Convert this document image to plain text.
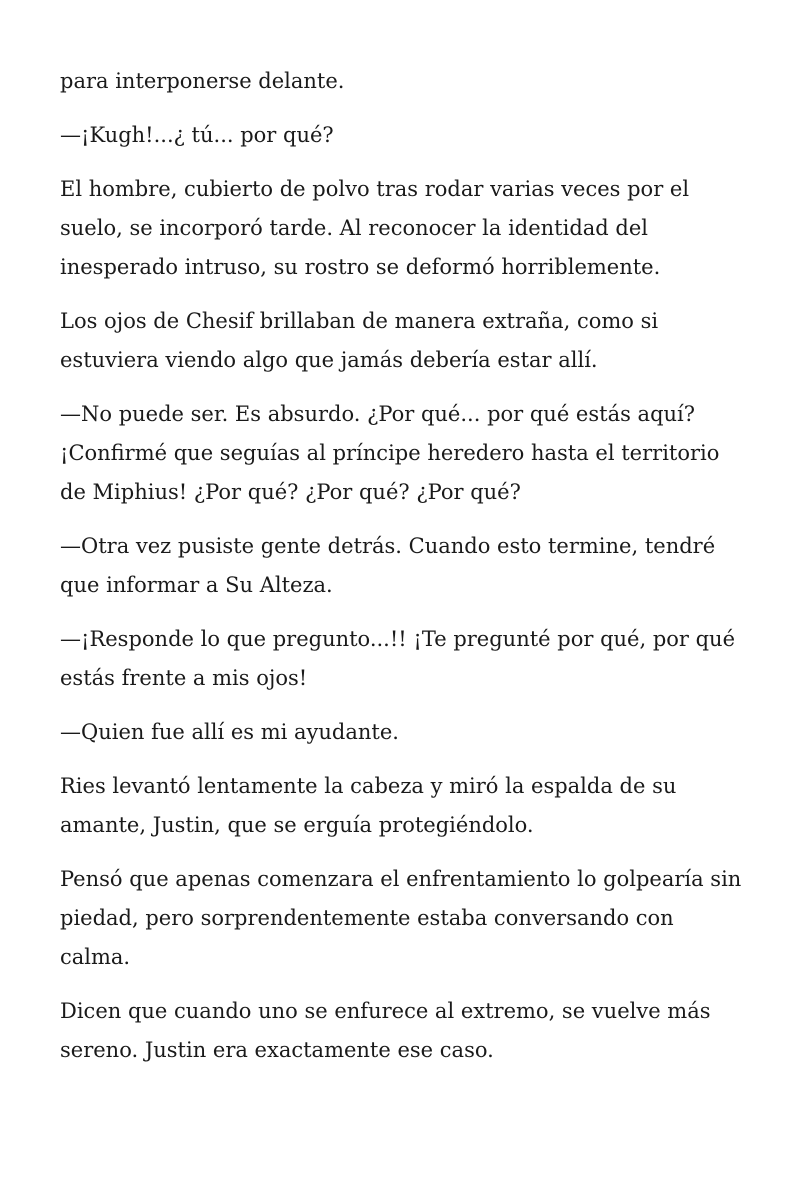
para interponerse delante.

—¡Kugh!...¿ tú... por qué?

El hombre, cubierto de polvo tras rodar varias veces por el suelo, se incorporó tarde. Al reconocer la identidad del inesperado intruso, su rostro se deformó horriblemente.

Los ojos de Chesif brillaban de manera extraña, como si estuviera viendo algo que jamás debería estar allí.

—No puede ser. Es absurdo. ¿Por qué... por qué estás aquí? ¡Confirmé que seguías al príncipe heredero hasta el territorio de Miphius! ¿Por qué? ¿Por qué? ¿Por qué?

—Otra vez pusiste gente detrás. Cuando esto termine, tendré que informar a Su Alteza.

—¡Responde lo que pregunto...!! ¡Te pregunté por qué, por qué estás frente a mis ojos!

—Quien fue allí es mi ayudante.

Ries levantó lentamente la cabeza y miró la espalda de su amante, Justin, que se erguía protegiéndolo.

Pensó que apenas comenzara el enfrentamiento lo golpearía sin piedad, pero sorprendentemente estaba conversando con calma.

Dicen que cuando uno se enfurece al extremo, se vuelve más sereno. Justin era exactamente ese caso.
